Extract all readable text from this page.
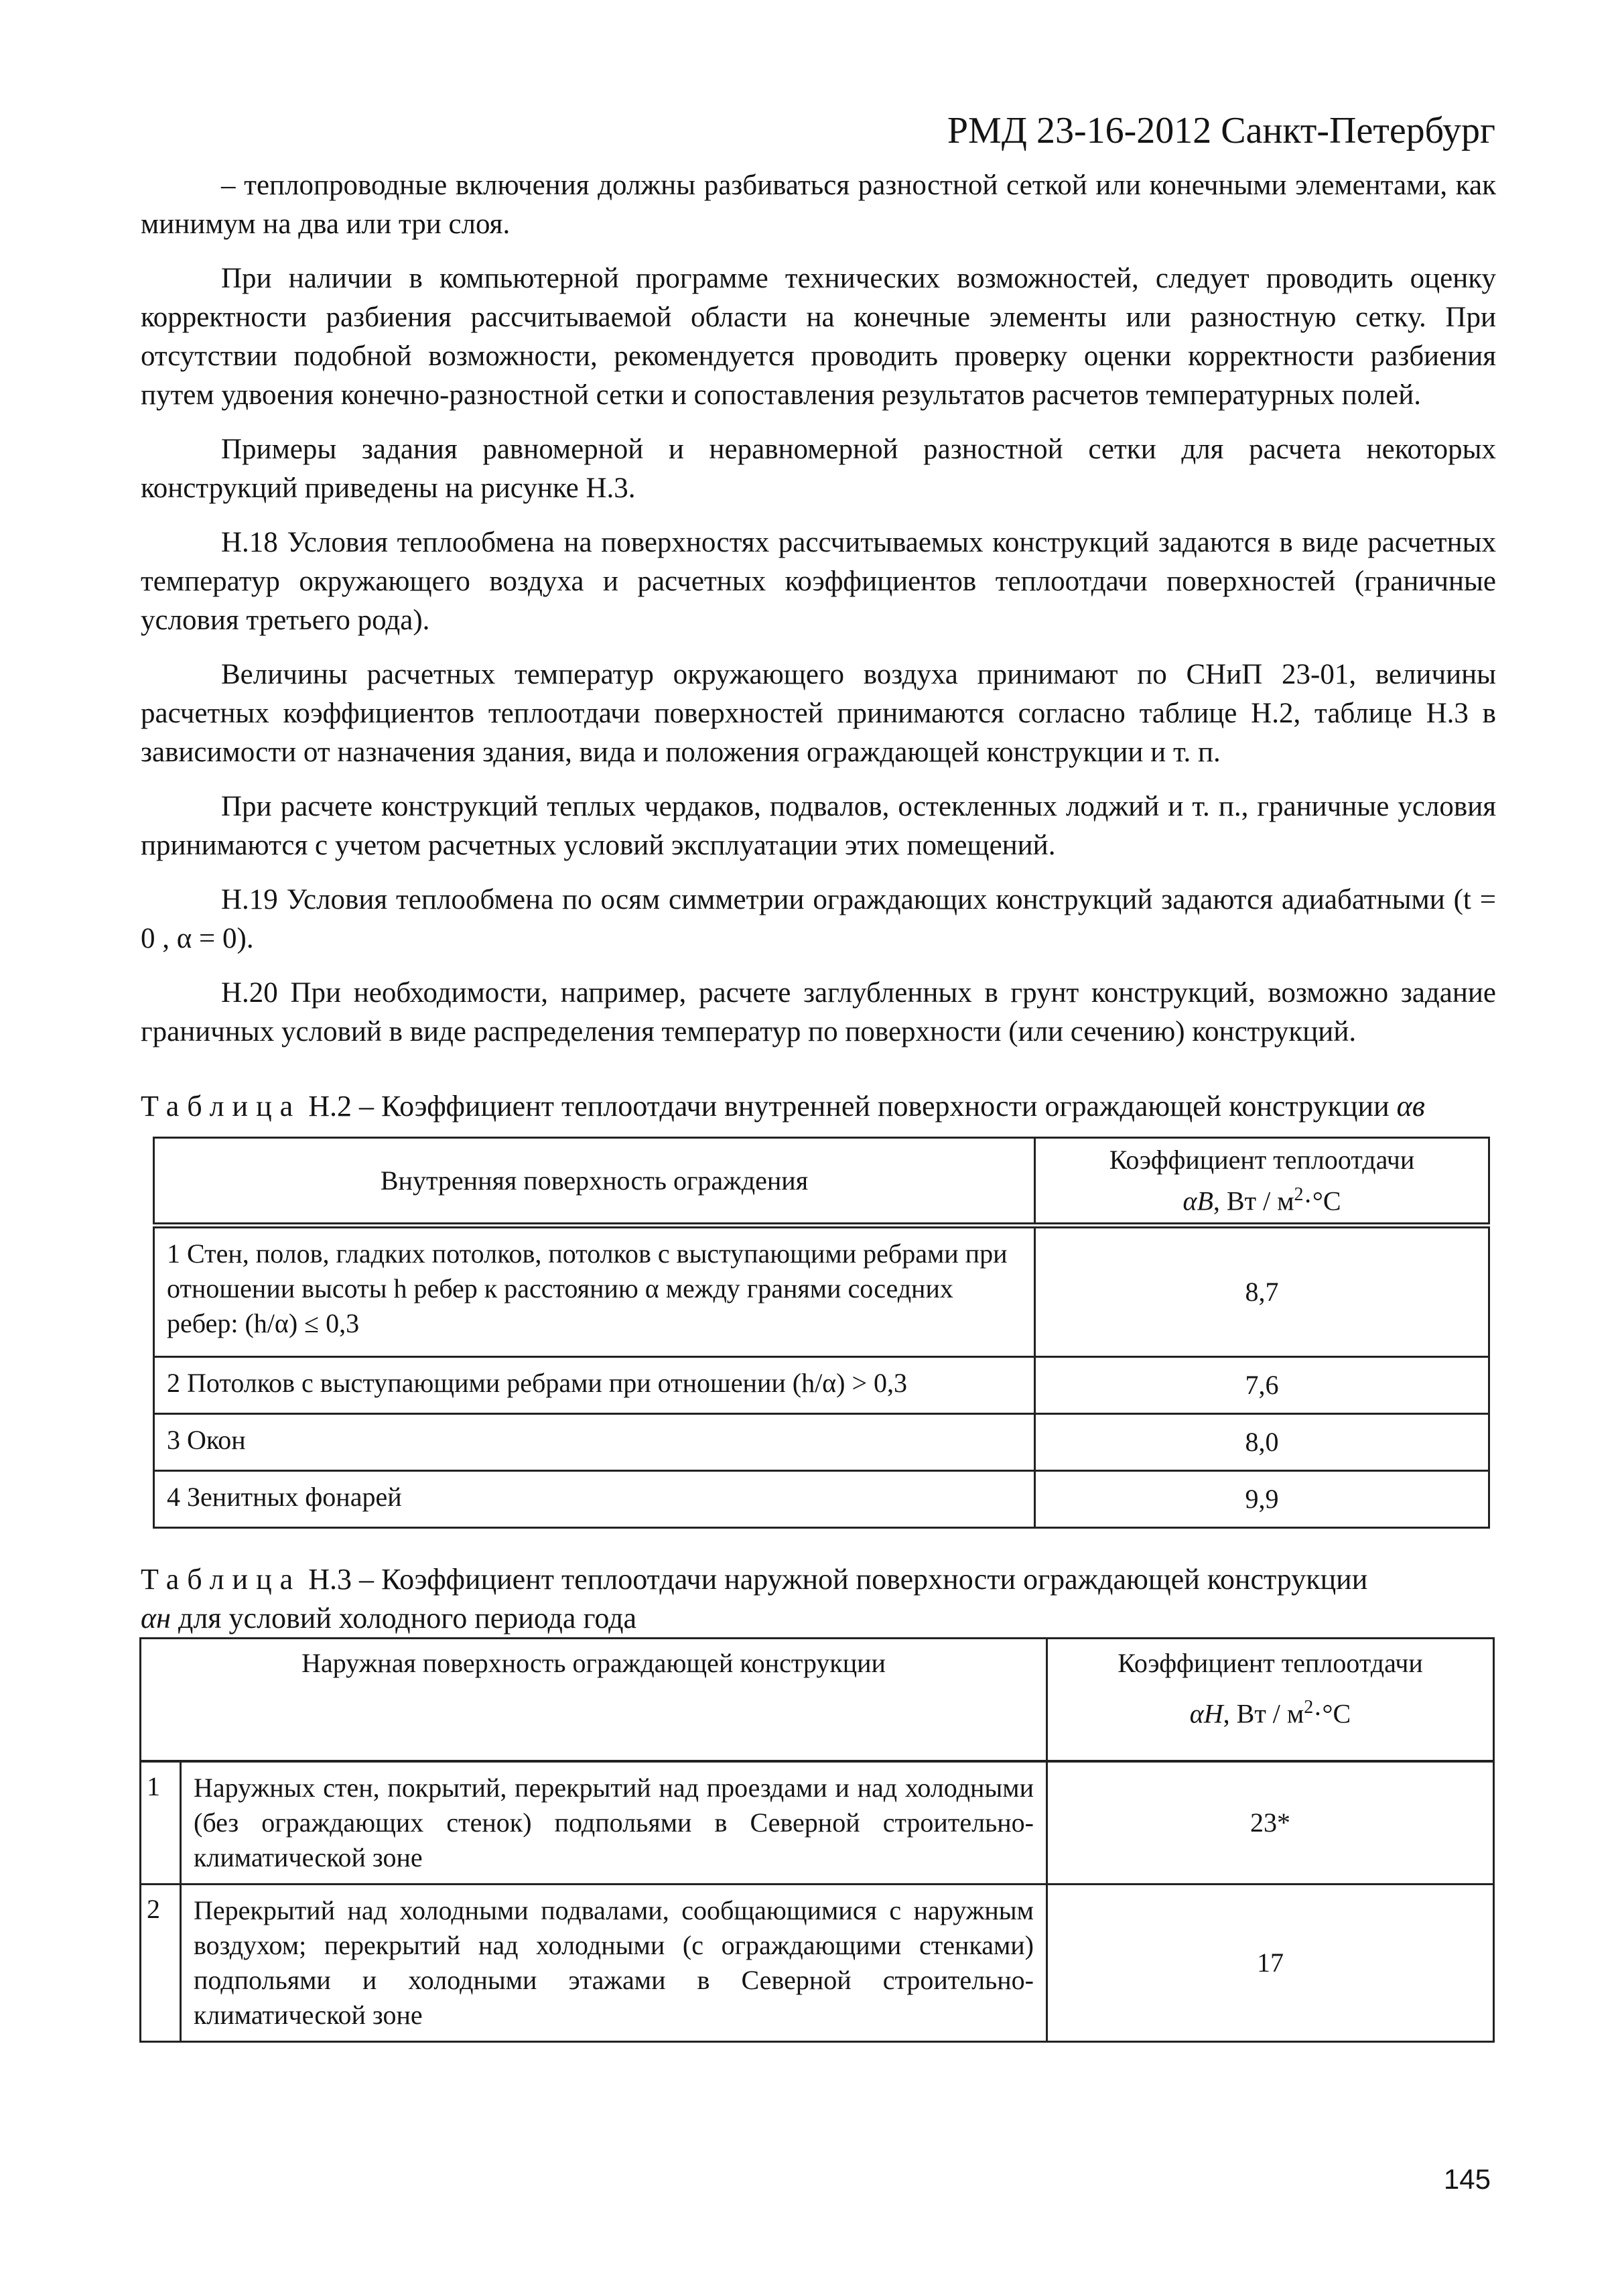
РМД 23-16-2012 Санкт-Петербург

– теплопроводные включения должны разбиваться разностной сеткой или конечными элементами, как минимум на два или три слоя.

При наличии в компьютерной программе технических возможностей, следует проводить оценку корректности разбиения рассчитываемой области на конечные элементы или разностную сетку. При отсутствии подобной возможности, рекомендуется проводить проверку оценки корректности разбиения путем удвоения конечно-разностной сетки и сопоставления результатов расчетов температурных полей.

Примеры задания равномерной и неравномерной разностной сетки для расчета некоторых конструкций приведены на рисунке Н.3.

Н.18 Условия теплообмена на поверхностях рассчитываемых конструкций задаются в виде расчетных температур окружающего воздуха и расчетных коэффициентов теплоотдачи поверхностей (граничные условия третьего рода).

Величины расчетных температур окружающего воздуха принимают по СНиП 23-01, величины расчетных коэффициентов теплоотдачи поверхностей принимаются согласно таблице Н.2, таблице Н.3 в зависимости от назначения здания, вида и положения ограждающей конструкции и т. п.

При расчете конструкций теплых чердаков, подвалов, остекленных лоджий и т. п., граничные условия принимаются с учетом расчетных условий эксплуатации этих помещений.

Н.19 Условия теплообмена по осям симметрии ограждающих конструкций задаются адиабатными (t = 0 , α = 0).

Н.20 При необходимости, например, расчете заглубленных в грунт конструкций, возможно задание граничных условий в виде распределения температур по поверхности (или сечению) конструкций.

Таблица Н.2 – Коэффициент теплоотдачи внутренней поверхности ограждающей конструкции αв

Внутренняя поверхность ограждения	Коэффициент теплоотдачи
αВ, Вт / $м^2\cdot^\circ С$
1 Стен, полов, гладких потолков, потолков с выступающими ребрами при отношении высоты h ребер к расстоянию α между гранями соседних ребер: (h/α) ≤ 0,3	8,7
2 Потолков с выступающими ребрами при отношении (h/α) > 0,3	7,6
3 Окон	8,0
4 Зенитных фонарей	9,9
Таблица Н.3 – Коэффициент теплоотдачи наружной поверхности ограждающей конструкции
αн для условий холодного периода года
Наружная поверхность ограждающей конструкции		Коэффициент теплоотдачи
αН, Вт / $м^2\cdot^\circ С$
1	Наружных стен, покрытий, перекрытий над проездами и над холодными (без ограждающих стенок) подпольями в Северной строительно-климатической зоне	23*
2	Перекрытий над холодными подвалами, сообщающимися с наружным воздухом; перекрытий над холодными (с ограждающими стенками) подпольями и холодными этажами в Северной строительно-климатической зоне	17
145
